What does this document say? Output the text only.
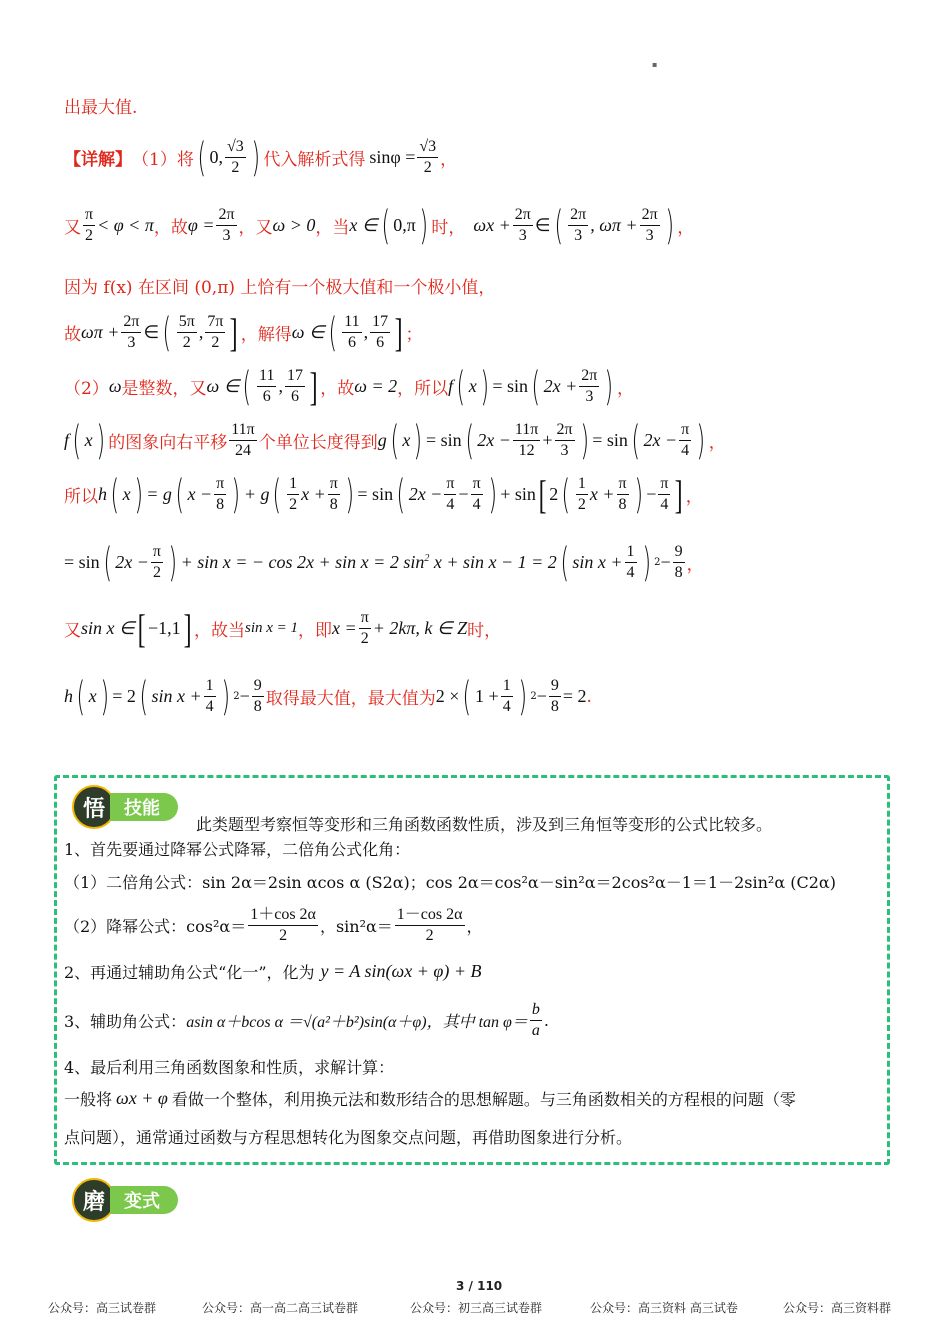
▪
出最大值.
【详解】 （1）将 ( 0, $\frac{√3}{2}$ ) 代入解析式得 $\sin\varphi = \frac{√3}{2}$ ，
又 $\frac{\pi}{2} < \varphi < \pi$ ，故 $\varphi = \frac{2\pi}{3}$ ，又 ω > 0 ，当 x ∈ ( 0,π ) 时， $\omega x + \frac{2\pi}{3}$ ∈ ( $\frac{2\pi}{3}$ , $\omega\pi + \frac{2\pi}{3}$ ) ，
因为 f(x) 在区间 (0,π) 上恰有一个极大值和一个极小值，
故 $\omega\pi + \frac{2\pi}{3}$ ∈ ( $\frac{5\pi}{2}$ , $\frac{7\pi}{2}$ ] ，解得 ω ∈ ( $\frac{11}{6}$ , $\frac{17}{6}$ ] ；
（2） ω 是整数，又 ω ∈ ( $\frac{11}{6}$ , $\frac{17}{6}$ ] ，故 ω = 2 ，所以 f ( x ) = sin ( $2x + \frac{2\pi}{3}$ ) ，
f ( x ) 的图象向右平移 $\frac{11\pi}{24}$ 个单位长度得到 g ( x ) = sin ( $2x - \frac{11\pi}{12} + \frac{2\pi}{3}$ ) = sin ( $2x - \frac{\pi}{4}$ ) ，
所以 h ( x ) = g ( $x - \frac{\pi}{8}$ ) + g ( $\frac{1}{2}$ $x + \frac{\pi}{8}$ ) = sin ( $2x - \frac{\pi}{4} - \frac{\pi}{4}$ ) + sin [ 2 ( $\frac{1}{2}$ $x + \frac{\pi}{8}$ ) − $\frac{\pi}{4}$ ] ，
= sin ( $2x - \frac{\pi}{2}$ ) + sin x = − cos 2x + sin x = 2 $\sin^2 x + \sin x - 1 = 2$ ( $\sin x + \frac{1}{4}$ ) $2 - \frac{9}{8}$ ，
又 sin x ∈ [ −1,1 ] ，故当 sin x = 1 ，即 $x = \frac{\pi}{2} + 2k\pi$, k ∈ Z 时，
h ( x ) = 2 ( $\sin x + \frac{1}{4}$ ) $2 - \frac{9}{8}$ 取得最大值，最大值为 2 × ( $1 + \frac{1}{4}$ ) $2 - \frac{9}{8} = 2$ .
悟	技能
此类题型考察恒等变形和三角函数函数性质，涉及到三角恒等变形的公式比较多。
1、首先要通过降幂公式降幂，二倍角公式化角：
（1）二倍角公式：sin 2α＝2sin αcos α (S2α)；cos 2α＝cos²α－sin²α＝2cos²α－1＝1－2sin²α (C2α)
（2）降幂公式：$\cos^2\alpha= \frac{1+\cos 2\alpha}{2}$ ，$\sin^2\alpha= \frac{1-\cos 2\alpha}{2}$ ，
2、再通过辅助角公式“化一”，化为 y = A sin(ωx + φ) + B
3、辅助角公式： asin α＋bcos α ＝√(a²＋b²)sin(α＋φ)，其中 $\tan \varphi= \frac{b}{a}$ .
4、最后利用三角函数图象和性质，求解计算：
一般将 ωx + φ 看做一个整体，利用换元法和数形结合的思想解题。与三角函数相关的方程根的问题（零
点问题），通常通过函数与方程思想转化为图象交点问题，再借助图象进行分析。
磨	变式
3 / 110
公众号：高三试卷群	公众号：高一高二高三试卷群	公众号：初三高三试卷群	公众号：高三资料 高三试卷	公众号：高三资料群
